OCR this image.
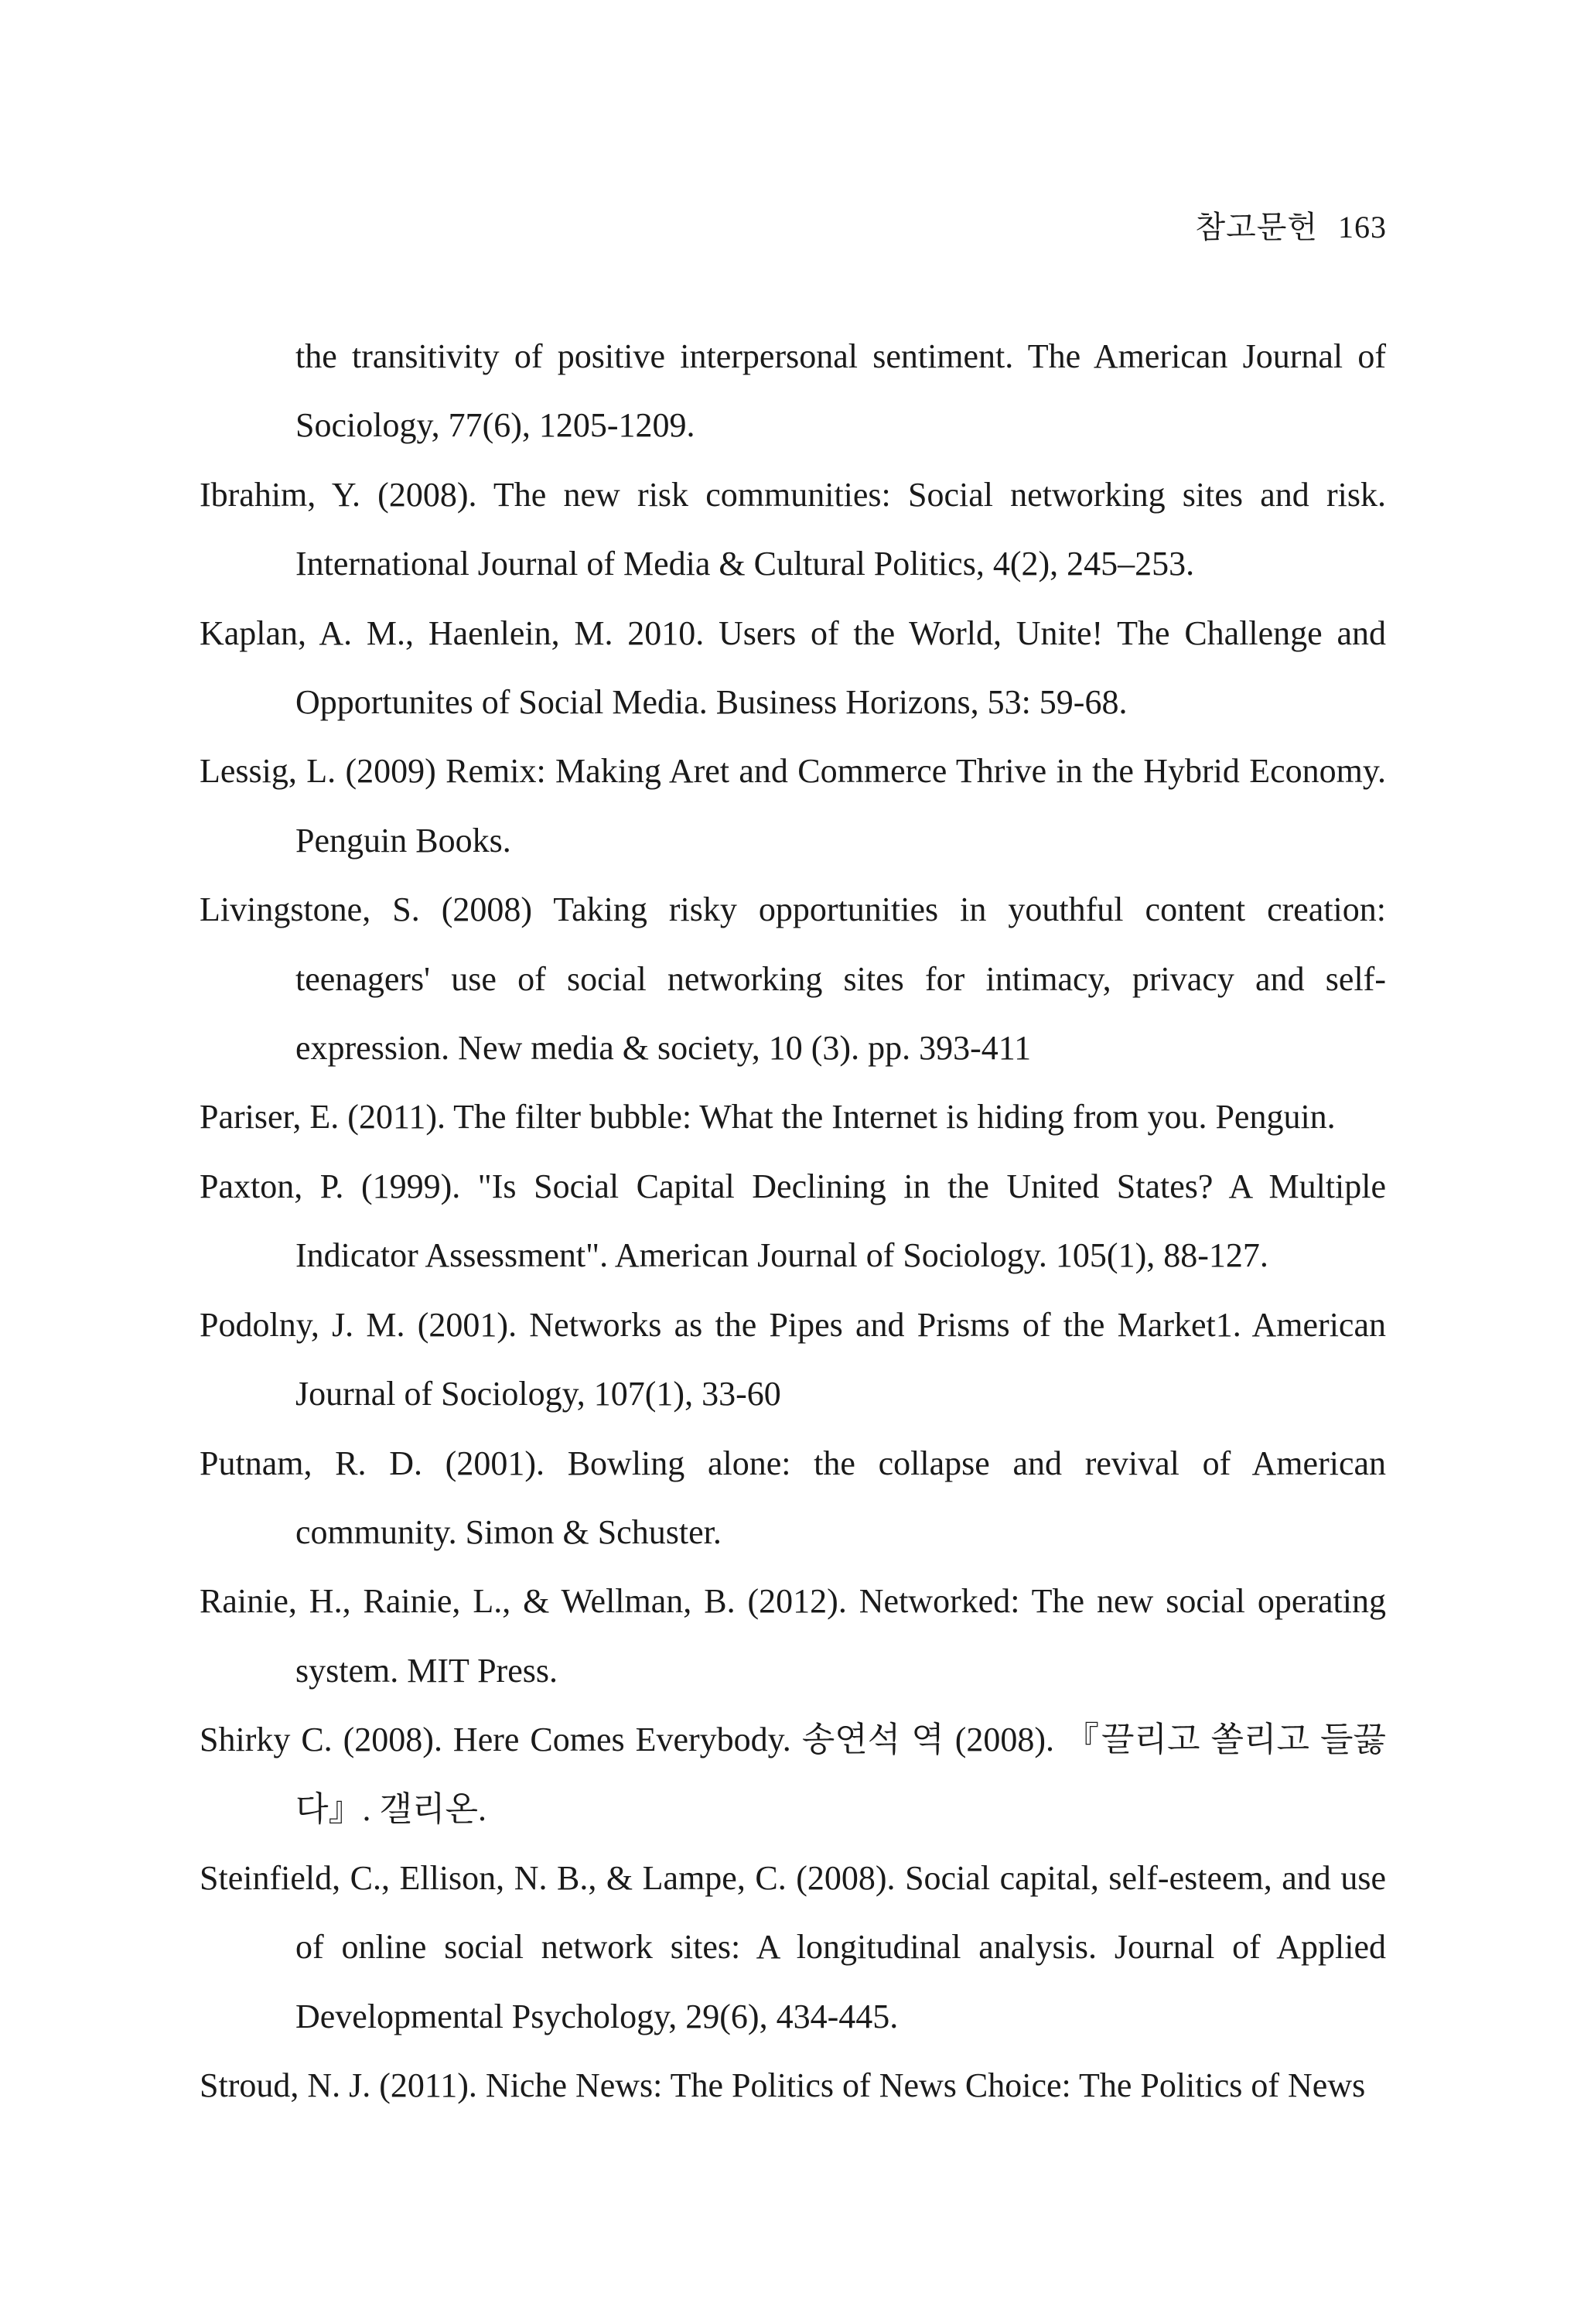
참고문헌 163

the transitivity of positive interpersonal sentiment. The American Journal of Sociology, 77(6), 1205-1209.

Ibrahim, Y. (2008). The new risk communities: Social networking sites and risk. International Journal of Media & Cultural Politics, 4(2), 245–253.

Kaplan, A. M., Haenlein, M. 2010. Users of the World, Unite! The Challenge and Opportunites of Social Media. Business Horizons, 53: 59-68.

Lessig, L. (2009) Remix: Making Aret and Commerce Thrive in the Hybrid Economy. Penguin Books.

Livingstone, S. (2008) Taking risky opportunities in youthful content creation: teenagers' use of social networking sites for intimacy, privacy and self-expression. New media & society, 10 (3). pp. 393-411

Pariser, E. (2011). The filter bubble: What the Internet is hiding from you. Penguin.

Paxton, P. (1999). "Is Social Capital Declining in the United States? A Multiple Indicator Assessment". American Journal of Sociology. 105(1), 88-127.

Podolny, J. M. (2001). Networks as the Pipes and Prisms of the Market1. American Journal of Sociology, 107(1), 33-60

Putnam, R. D. (2001). Bowling alone: the collapse and revival of American community. Simon & Schuster.

Rainie, H., Rainie, L., & Wellman, B. (2012). Networked: The new social operating system. MIT Press.

Shirky C. (2008). Here Comes Everybody. 송연석 역 (2008). 『끌리고 쏠리고 들끓다』. 갤리온.

Steinfield, C., Ellison, N. B., & Lampe, C. (2008). Social capital, self-esteem, and use of online social network sites: A longitudinal analysis. Journal of Applied Developmental Psychology, 29(6), 434-445.

Stroud, N. J. (2011). Niche News: The Politics of News Choice: The Politics of News
